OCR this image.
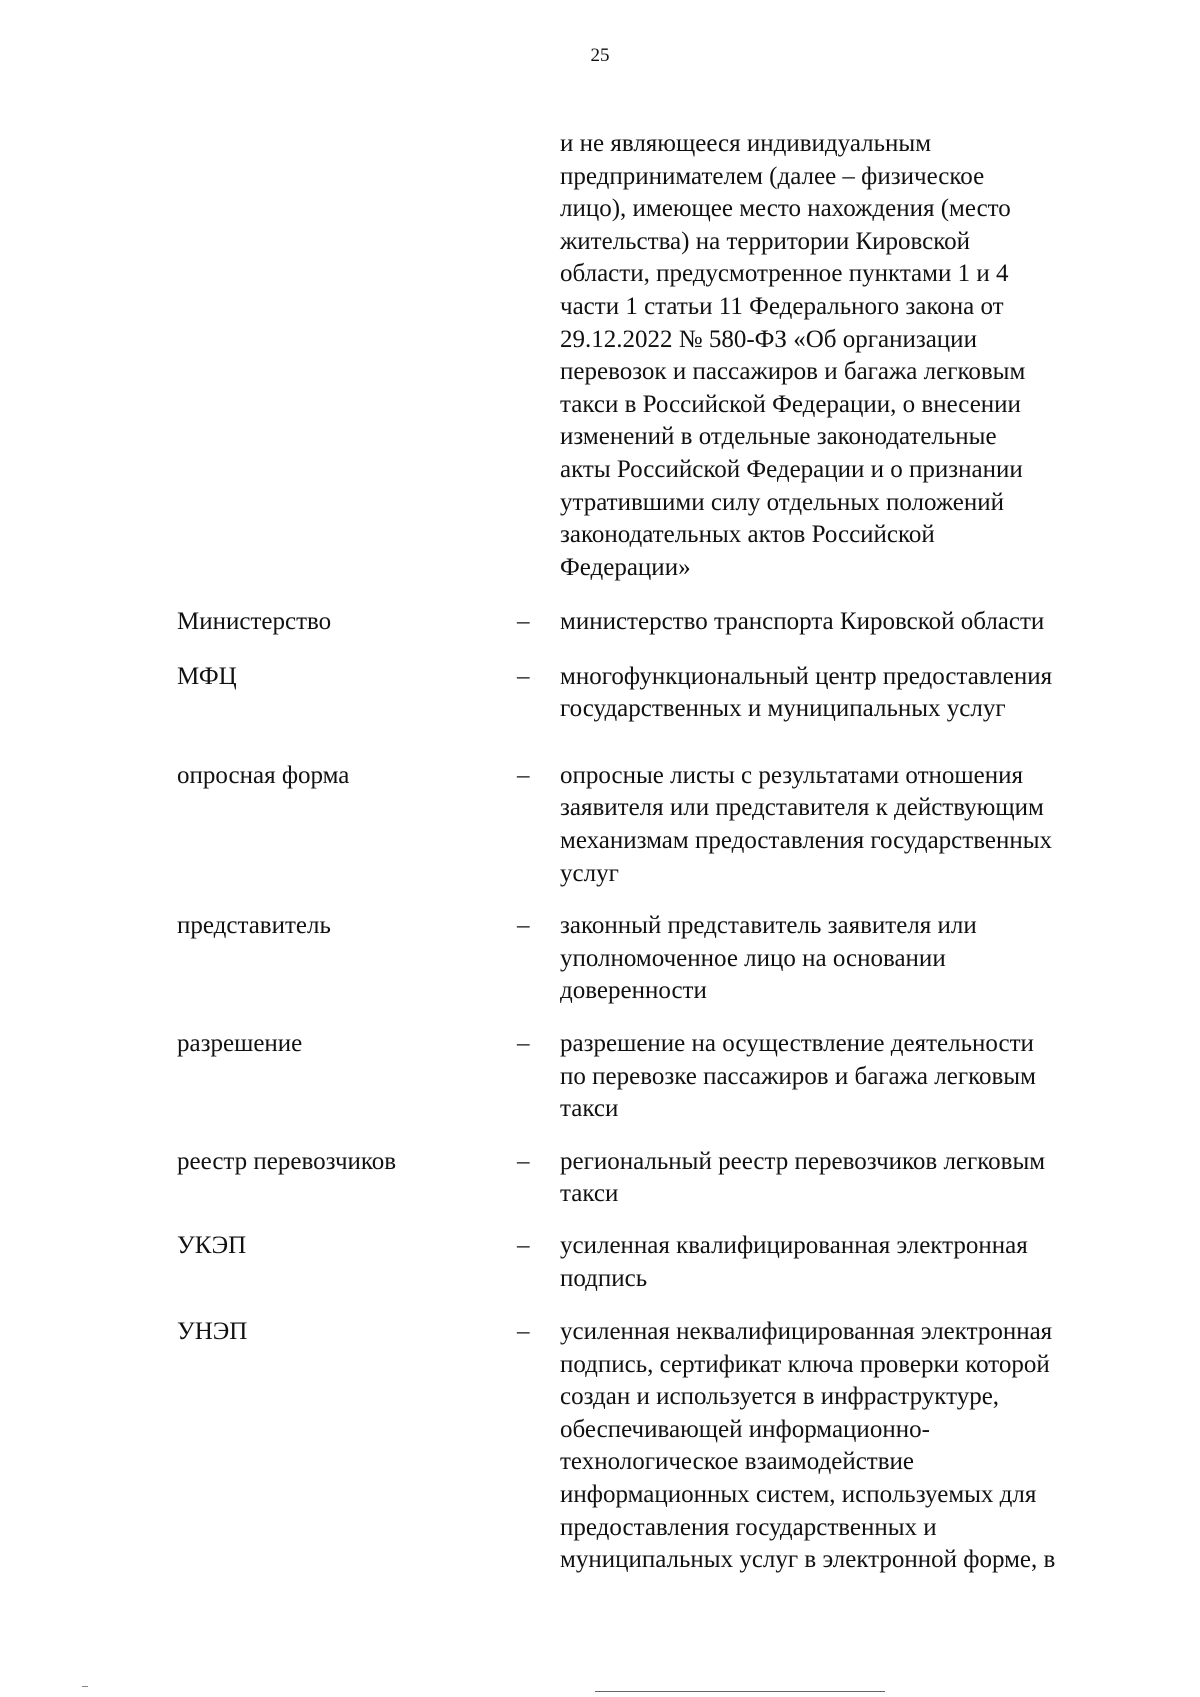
25
и не являющееся индивидуальным
предпринимателем (далее – физическое
лицо), имеющее место нахождения (место
жительства) на территории Кировской
области, предусмотренное пунктами 1 и 4
части 1 статьи 11 Федерального закона от
29.12.2022 № 580-ФЗ «Об организации
перевозок и пассажиров и багажа легковым
такси в Российской Федерации, о внесении
изменений в отдельные законодательные
акты Российской Федерации и о признании
утратившими силу отдельных положений
законодательных актов Российской
Федерации»
Министерство	–	министерство транспорта Кировской области
МФЦ	–	многофункциональный центр предоставления
государственных и муниципальных услуг
опросная форма	–	опросные листы с результатами отношения
заявителя или представителя к действующим
механизмам предоставления государственных
услуг
представитель	–	законный представитель заявителя или
уполномоченное лицо на основании
доверенности
разрешение	–	разрешение на осуществление деятельности
по перевозке пассажиров и багажа легковым
такси
реестр перевозчиков	–	региональный реестр перевозчиков легковым
такси
УКЭП	–	усиленная квалифицированная электронная
подпись
УНЭП	–	усиленная неквалифицированная электронная
подпись, сертификат ключа проверки которой
создан и используется в инфраструктуре,
обеспечивающей информационно-
технологическое взаимодействие
информационных систем, используемых для
предоставления государственных и
муниципальных услуг в электронной форме, в
